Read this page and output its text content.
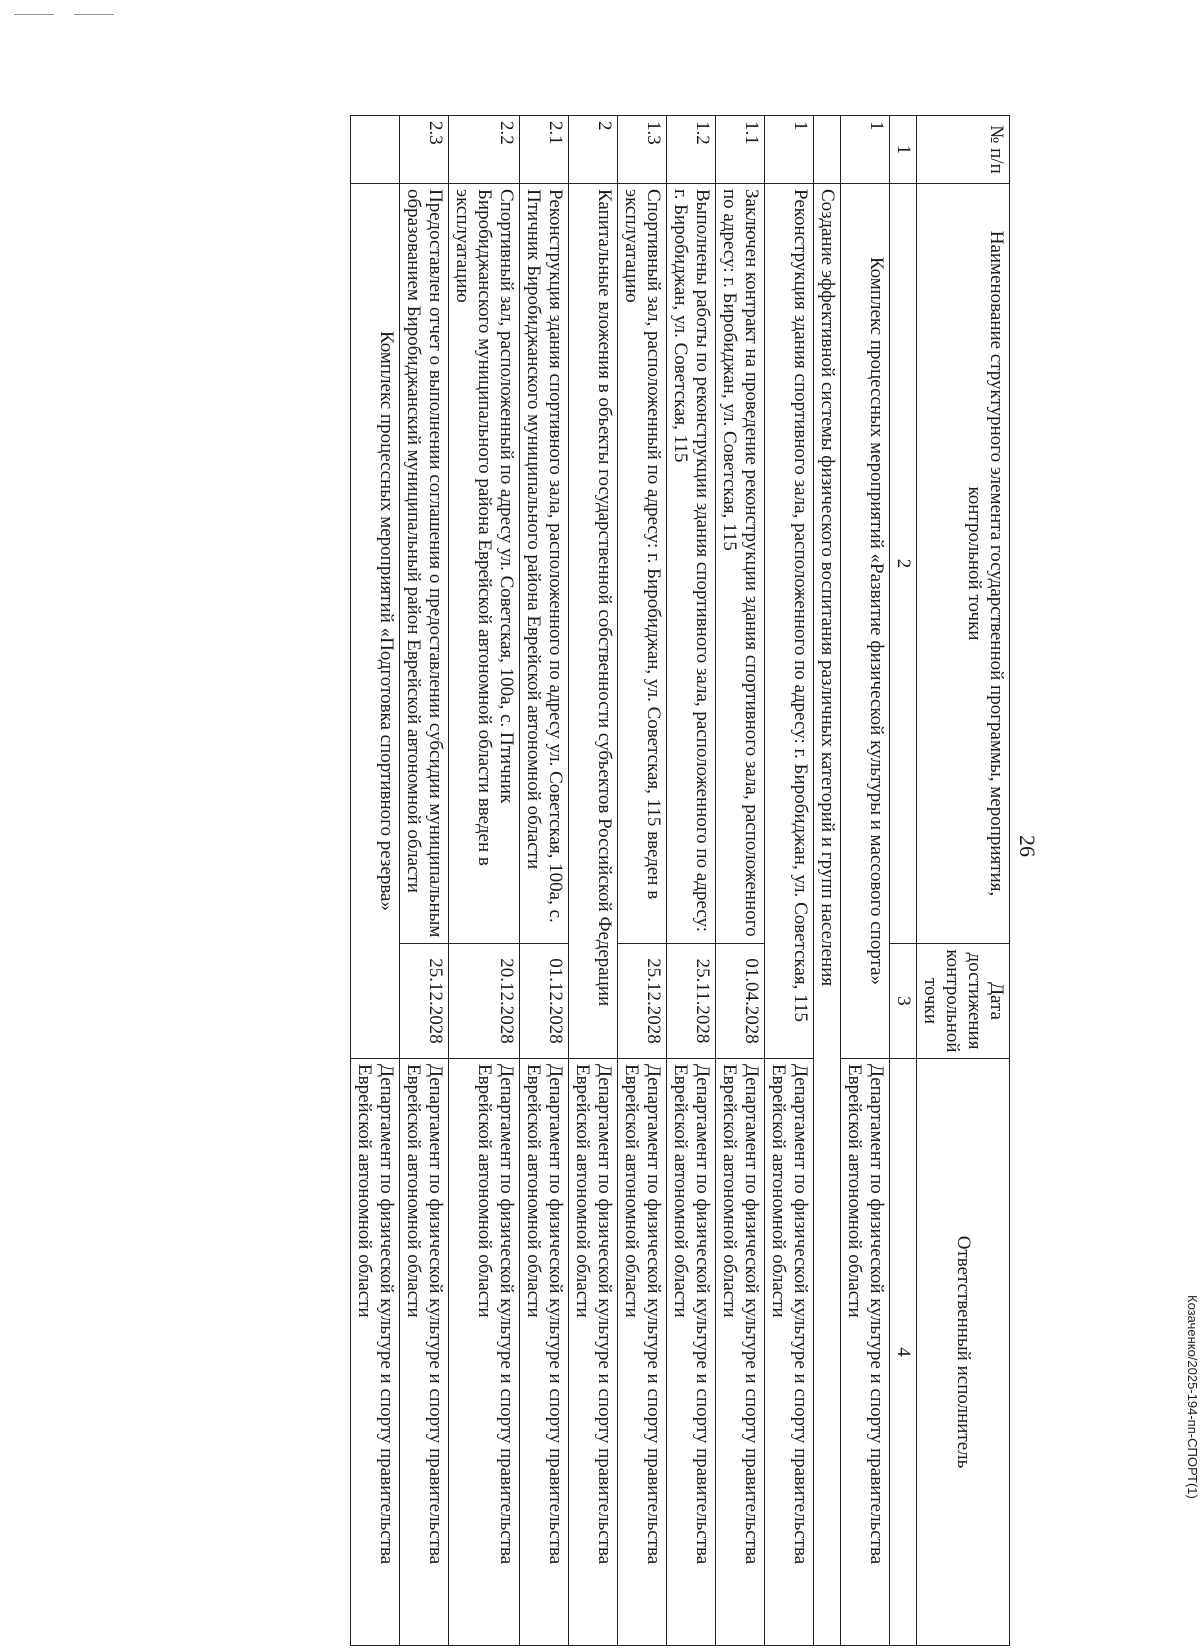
№ п/п	Наименование структурного элемента государственной программы, мероприятия, контрольной точки	Дата достижения контрольной точки	Ответственный исполнитель
1	2	3	4
1	Комплекс процессных мероприятий «Развитие физической культуры и массового спорта»		Департамент по физической культуре и спорту правительства Еврейской автономной области
	Создание эффективной системы физического воспитания различных категорий и групп населения		
1	Реконструкция здания спортивного зала, расположенного по адресу: г. Биробиджан, ул. Советская, 115		Департамент по физической культуре и спорту правительства Еврейской автономной области
1.1	Заключен контракт на проведение реконструкции здания спортивного зала, расположенного по адресу: г. Биробиджан, ул. Советская, 115	01.04.2028	Департамент по физической культуре и спорту правительства Еврейской автономной области
1.2	Выполнены работы по реконструкции здания спортивного зала, расположенного по адресу: г. Биробиджан, ул. Советская, 115	25.11.2028	Департамент по физической культуре и спорту правительства Еврейской автономной области
1.3	Спортивный зал, расположенный по адресу: г. Биробиджан, ул. Советская, 115 введен в эксплуатацию	25.12.2028	Департамент по физической культуре и спорту правительства Еврейской автономной области
2	Капитальные вложения в объекты государственной собственности субъектов Российской Федерации		Департамент по физической культуре и спорту правительства Еврейской автономной области
2.1	Реконструкция здания спортивного зала, расположенного по адресу ул. Советская, 100а, с. Птичник Биробиджанского муниципального района Еврейской автономной области	01.12.2028	Департамент по физической культуре и спорту правительства Еврейской автономной области
2.2	Спортивный зал, расположенный по адресу ул. Советская, 100а, с. Птичник Биробиджанского муниципального района Еврейской автономной области введен в эксплуатацию	20.12.2028	Департамент по физической культуре и спорту правительства Еврейской автономной области
2.3	Предоставлен отчет о выполнении соглашения о предоставлении субсидии муниципальным образованием Биробиджанский муниципальный район Еврейской автономной области	25.12.2028	Департамент по физической культуре и спорту правительства Еврейской автономной области
	Комплекс процессных мероприятий «Подготовка спортивного резерва»		Департамент по физической культуре и спорту правительства Еврейской автономной области
26
Козаченко/2025-194-пп-СПОРТ(1)
